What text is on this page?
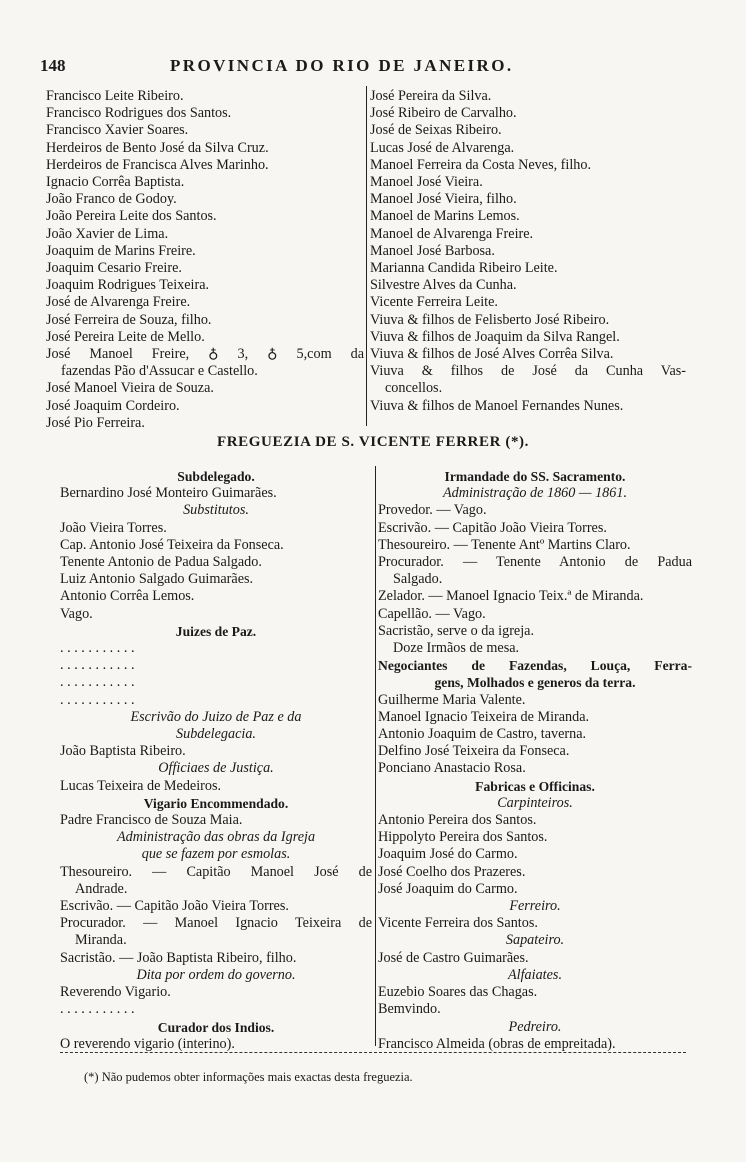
148	PROVINCIA DO RIO DE JANEIRO.
Francisco Leite Ribeiro.
Francisco Rodrigues dos Santos.
Francisco Xavier Soares.
Herdeiros de Bento José da Silva Cruz.
Herdeiros de Francisca Alves Marinho.
Ignacio Corrêa Baptista.
João Franco de Godoy.
João Pereira Leite dos Santos.
João Xavier de Lima.
Joaquim de Marins Freire.
Joaquim Cesario Freire.
Joaquim Rodrigues Teixeira.
José de Alvarenga Freire.
José Ferreira de Souza, filho.
José Pereira Leite de Mello.
José Manoel Freire, ♁ 3, ♁ 5,com da
fazendas Pão d'Assucar e Castello.
José Manoel Vieira de Souza.
José Joaquim Cordeiro.
José Pio Ferreira.
José Pereira da Silva.
José Ribeiro de Carvalho.
José de Seixas Ribeiro.
Lucas José de Alvarenga.
Manoel Ferreira da Costa Neves, filho.
Manoel José Vieira.
Manoel José Vieira, filho.
Manoel de Marins Lemos.
Manoel de Alvarenga Freire.
Manoel José Barbosa.
Marianna Candida Ribeiro Leite.
Silvestre Alves da Cunha.
Vicente Ferreira Leite.
Viuva & filhos de Felisberto José Ribeiro.
Viuva & filhos de Joaquim da Silva Rangel.
Viuva & filhos de José Alves Corrêa Silva.
Viuva & filhos de José da Cunha Vas-
concellos.
Viuva & filhos de Manoel Fernandes Nunes.
FREGUEZIA DE S. VICENTE FERRER (*).
Subdelegado.
Bernardino José Monteiro Guimarães.
Substitutos.
João Vieira Torres.
Cap. Antonio José Teixeira da Fonseca.
Tenente Antonio de Padua Salgado.
Luiz Antonio Salgado Guimarães.
Antonio Corrêa Lemos.
Vago.
Juizes de Paz.
. . . . . . . . . . .
. . . . . . . . . . .
. . . . . . . . . . .
. . . . . . . . . . .
Escrivão do Juizo de Paz e da
Subdelegacia.
João Baptista Ribeiro.
Officiaes de Justiça.
Lucas Teixeira de Medeiros.
Vigario Encommendado.
Padre Francisco de Souza Maia.
Administração das obras da Igreja
que se fazem por esmolas.
Thesoureiro. — Capitão Manoel José de
Andrade.
Escrivão. — Capitão João Vieira Torres.
Procurador. — Manoel Ignacio Teixeira de
Miranda.
Sacristão. — João Baptista Ribeiro, filho.
Dita por ordem do governo.
Reverendo Vigario.
. . . . . . . . . . .
Curador dos Indios.
O reverendo vigario (interino).
Irmandade do SS. Sacramento.
Administração de 1860 — 1861.
Provedor. — Vago.
Escrivão. — Capitão João Vieira Torres.
Thesoureiro. — Tenente Antº Martins Claro.
Procurador. — Tenente Antonio de Padua
Salgado.
Zelador. — Manoel Ignacio Teix.ª de Miranda.
Capellão. — Vago.
Sacristão, serve o da igreja.
Doze Irmãos de mesa.
Negociantes de Fazendas, Louça, Ferra-
gens, Molhados e generos da terra.
Guilherme Maria Valente.
Manoel Ignacio Teixeira de Miranda.
Antonio Joaquim de Castro, taverna.
Delfino José Teixeira da Fonseca.
Ponciano Anastacio Rosa.
Fabricas e Officinas.
Carpinteiros.
Antonio Pereira dos Santos.
Hippolyto Pereira dos Santos.
Joaquim José do Carmo.
José Coelho dos Prazeres.
José Joaquim do Carmo.
Ferreiro.
Vicente Ferreira dos Santos.
Sapateiro.
José de Castro Guimarães.
Alfaiates.
Euzebio Soares das Chagas.
Bemvindo.
Pedreiro.
Francisco Almeida (obras de empreitada).
(*) Não pudemos obter informações mais exactas desta freguezia.
